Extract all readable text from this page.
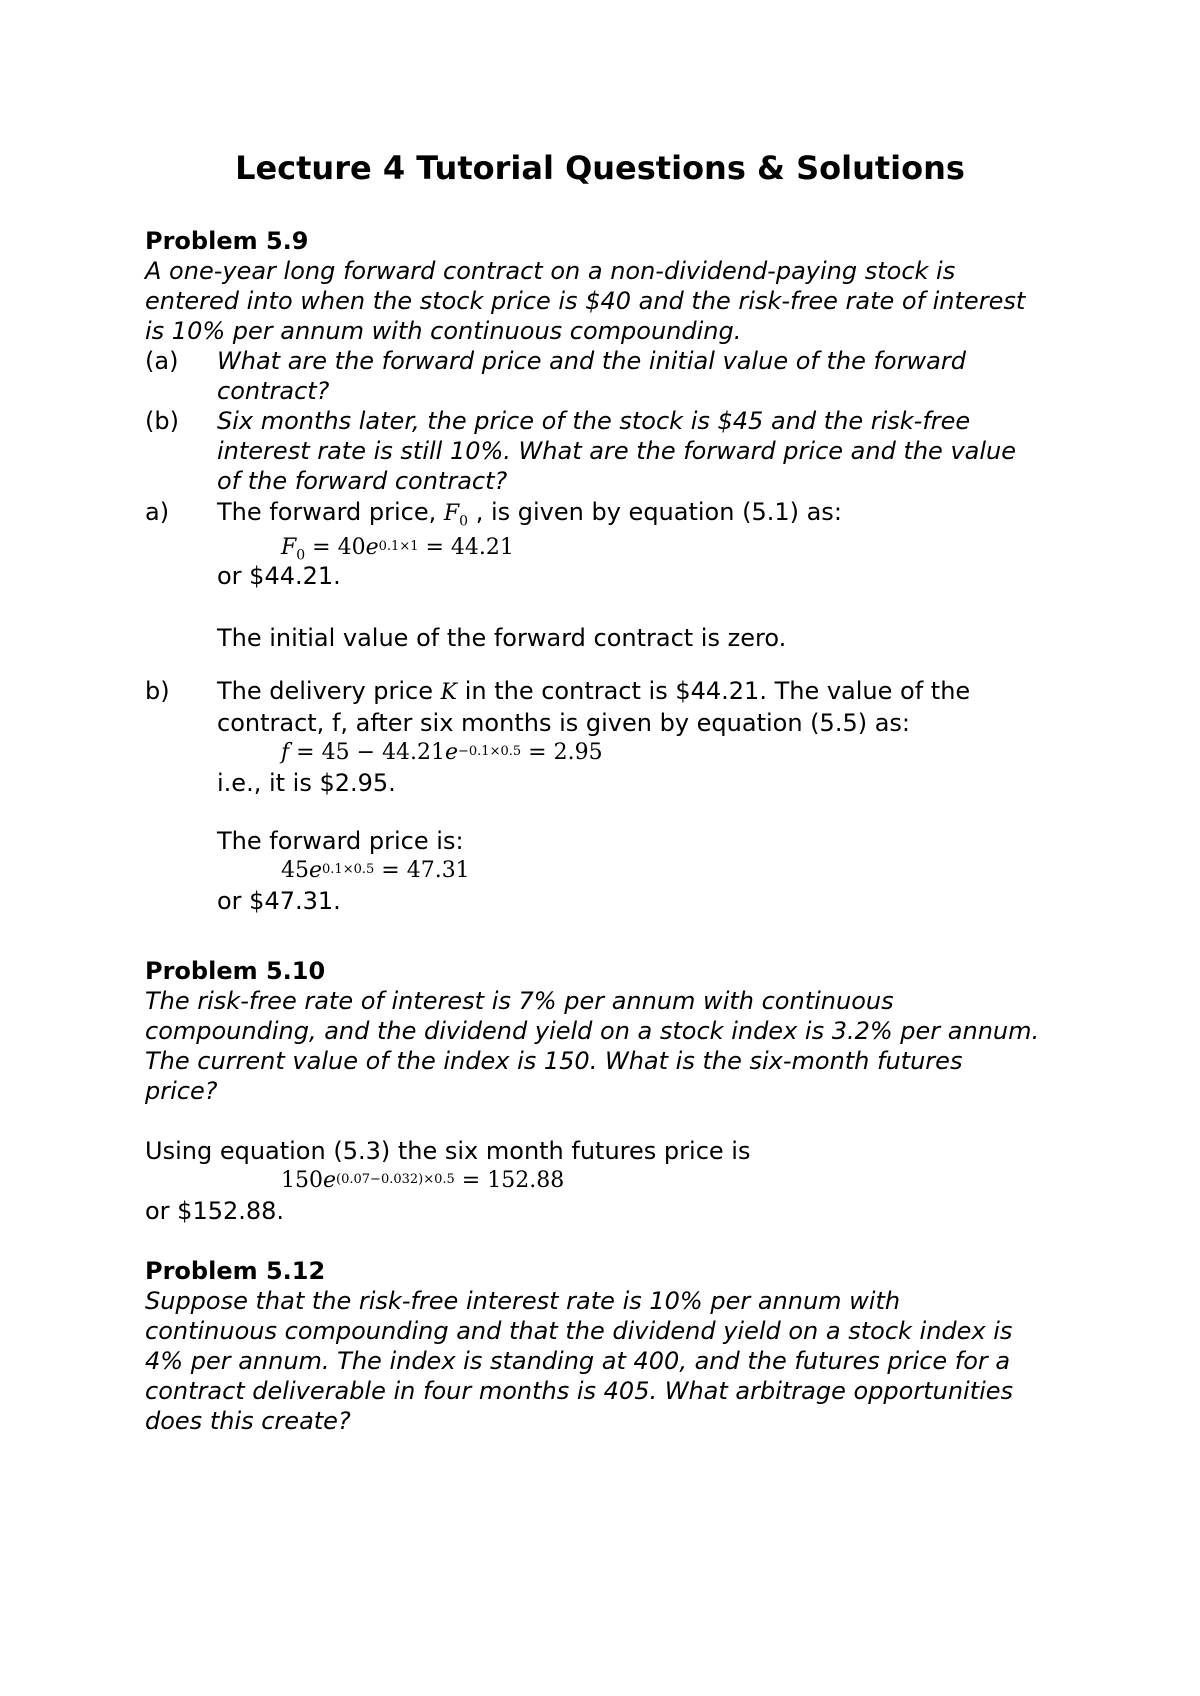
Lecture 4 Tutorial Questions & Solutions
Problem 5.9
A one-year long forward contract on a non-dividend-paying stock is
entered into when the stock price is $40 and the risk-free rate of interest
is 10% per annum with continuous compounding.
(a) What are the forward price and the initial value of the forward
contract?
(b) Six months later, the price of the stock is $45 and the risk-free
interest rate is still 10%. What are the forward price and the value
of the forward contract?
a) The forward price, $F_0$ , is given by equation (5.1) as:
$F_0 = 40e^{0.1\times 1} = 44.21$
or $44.21.
The initial value of the forward contract is zero.
b) The delivery price K in the contract is $44.21. The value of the
contract, f, after six months is given by equation (5.5) as:
$f = 45 - 44.21e^{-0.1\times 0.5} = 2.95$
i.e., it is $2.95.
The forward price is:
$45e^{0.1\times 0.5} = 47.31$
or $47.31.
Problem 5.10
The risk-free rate of interest is 7% per annum with continuous
compounding, and the dividend yield on a stock index is 3.2% per annum.
The current value of the index is 150. What is the six-month futures
price?
Using equation (5.3) the six month futures price is
$150e^{(0.07-0.032)\times 0.5} = 152.88$
or $152.88.
Problem 5.12
Suppose that the risk-free interest rate is 10% per annum with
continuous compounding and that the dividend yield on a stock index is
4% per annum. The index is standing at 400, and the futures price for a
contract deliverable in four months is 405. What arbitrage opportunities
does this create?
